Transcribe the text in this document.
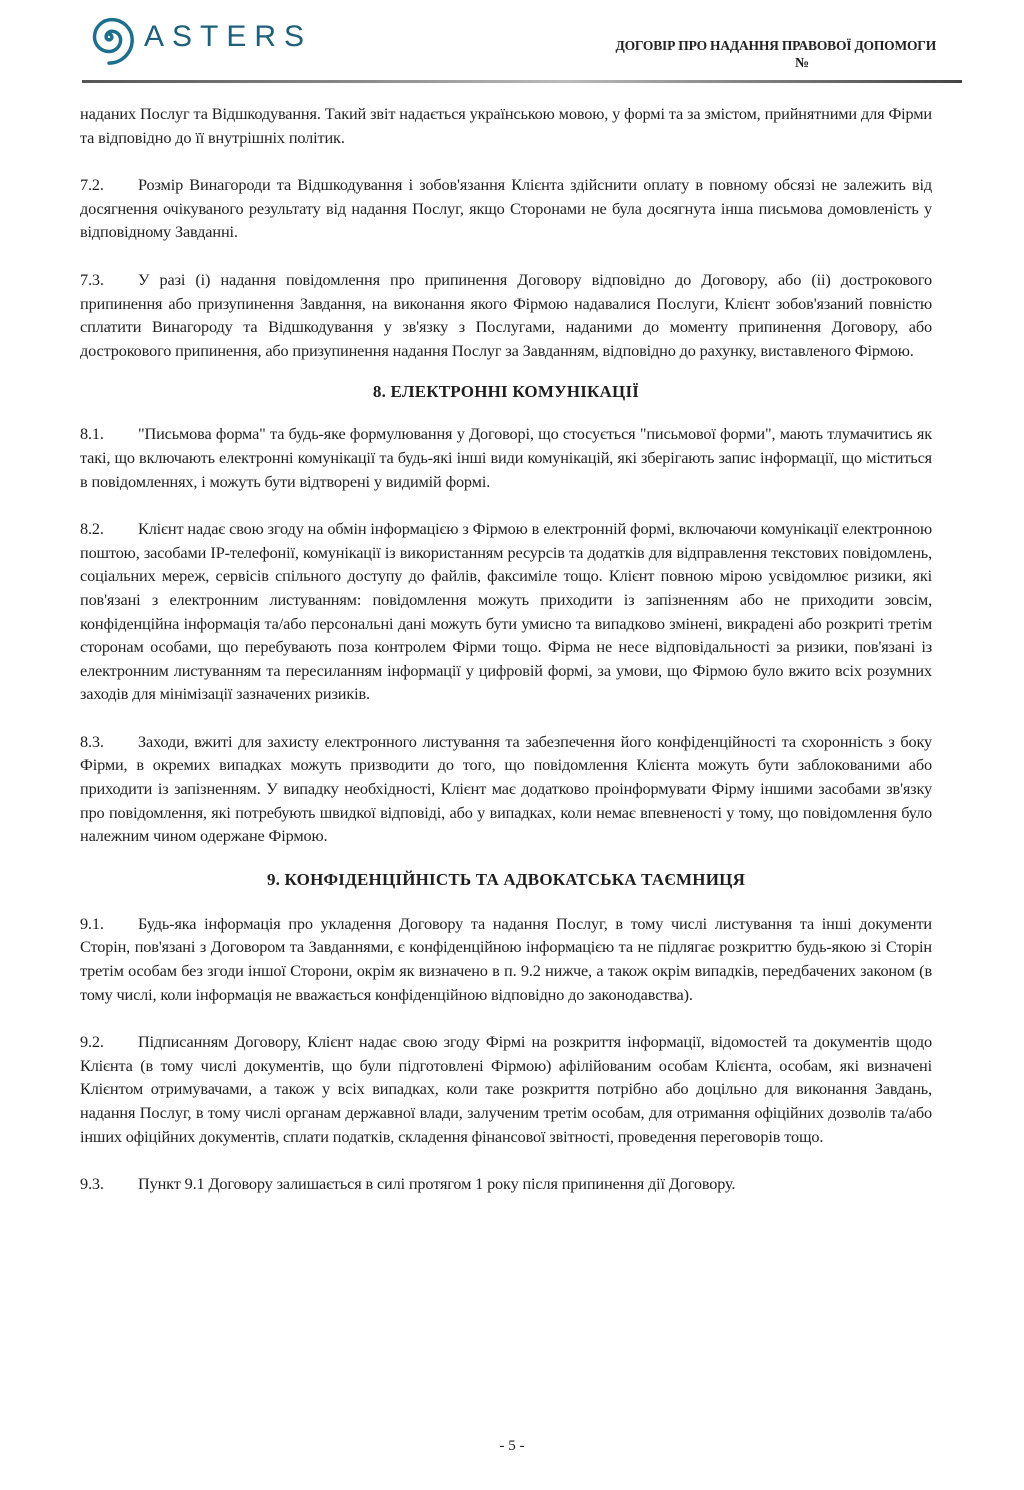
ASTERS	ДОГОВІР ПРО НАДАННЯ ПРАВОВОЇ ДОПОМОГИ
№

наданих Послуг та Відшкодування. Такий звіт надається українською мовою, у формі та за змістом, прийнятними для Фірми та відповідно до її внутрішніх політик.

7.2. Розмір Винагороди та Відшкодування і зобов'язання Клієнта здійснити оплату в повному обсязі не залежить від досягнення очікуваного результату від надання Послуг, якщо Сторонами не була досягнута інша письмова домовленість у відповідному Завданні.

7.3. У разі (і) надання повідомлення про припинення Договору відповідно до Договору, або (іі) дострокового припинення або призупинення Завдання, на виконання якого Фірмою надавалися Послуги, Клієнт зобов'язаний повністю сплатити Винагороду та Відшкодування у зв'язку з Послугами, наданими до моменту припинення Договору, або дострокового припинення, або призупинення надання Послуг за Завданням, відповідно до рахунку, виставленого Фірмою.

8. ЕЛЕКТРОННІ КОМУНІКАЦІЇ

8.1. "Письмова форма" та будь-яке формулювання у Договорі, що стосується "письмової форми", мають тлумачитись як такі, що включають електронні комунікації та будь-які інші види комунікацій, які зберігають запис інформації, що міститься в повідомленнях, і можуть бути відтворені у видимій формі.

8.2. Клієнт надає свою згоду на обмін інформацією з Фірмою в електронній формі, включаючи комунікації електронною поштою, засобами ІР-телефонії, комунікації із використанням ресурсів та додатків для відправлення текстових повідомлень, соціальних мереж, сервісів спільного доступу до файлів, факсиміле тощо. Клієнт повною мірою усвідомлює ризики, які пов'язані з електронним листуванням: повідомлення можуть приходити із запізненням або не приходити зовсім, конфіденційна інформація та/або персональні дані можуть бути умисно та випадково змінені, викрадені або розкриті третім сторонам особами, що перебувають поза контролем Фірми тощо. Фірма не несе відповідальності за ризики, пов'язані із електронним листуванням та пересиланням інформації у цифровій формі, за умови, що Фірмою було вжито всіх розумних заходів для мінімізації зазначених ризиків.

8.3. Заходи, вжиті для захисту електронного листування та забезпечення його конфіденційності та схоронність з боку Фірми, в окремих випадках можуть призводити до того, що повідомлення Клієнта можуть бути заблокованими або приходити із запізненням. У випадку необхідності, Клієнт має додатково проінформувати Фірму іншими засобами зв'язку про повідомлення, які потребують швидкої відповіді, або у випадках, коли немає впевненості у тому, що повідомлення було належним чином одержане Фірмою.

9. КОНФІДЕНЦІЙНІСТЬ ТА АДВОКАТСЬКА ТАЄМНИЦЯ

9.1. Будь-яка інформація про укладення Договору та надання Послуг, в тому числі листування та інші документи Сторін, пов'язані з Договором та Завданнями, є конфіденційною інформацією та не підлягає розкриттю будь-якою зі Сторін третім особам без згоди іншої Сторони, окрім як визначено в п. 9.2 нижче, а також окрім випадків, передбачених законом (в тому числі, коли інформація не вважається конфіденційною відповідно до законодавства).

9.2. Підписанням Договору, Клієнт надає свою згоду Фірмі на розкриття інформації, відомостей та документів щодо Клієнта (в тому числі документів, що були підготовлені Фірмою) афілійованим особам Клієнта, особам, які визначені Клієнтом отримувачами, а також у всіх випадках, коли таке розкриття потрібно або доцільно для виконання Завдань, надання Послуг, в тому числі органам державної влади, залученим третім особам, для отримання офіційних дозволів та/або інших офіційних документів, сплати податків, складення фінансової звітності, проведення переговорів тощо.

9.3. Пункт 9.1 Договору залишається в силі протягом 1 року після припинення дії Договору.

- 5 -
